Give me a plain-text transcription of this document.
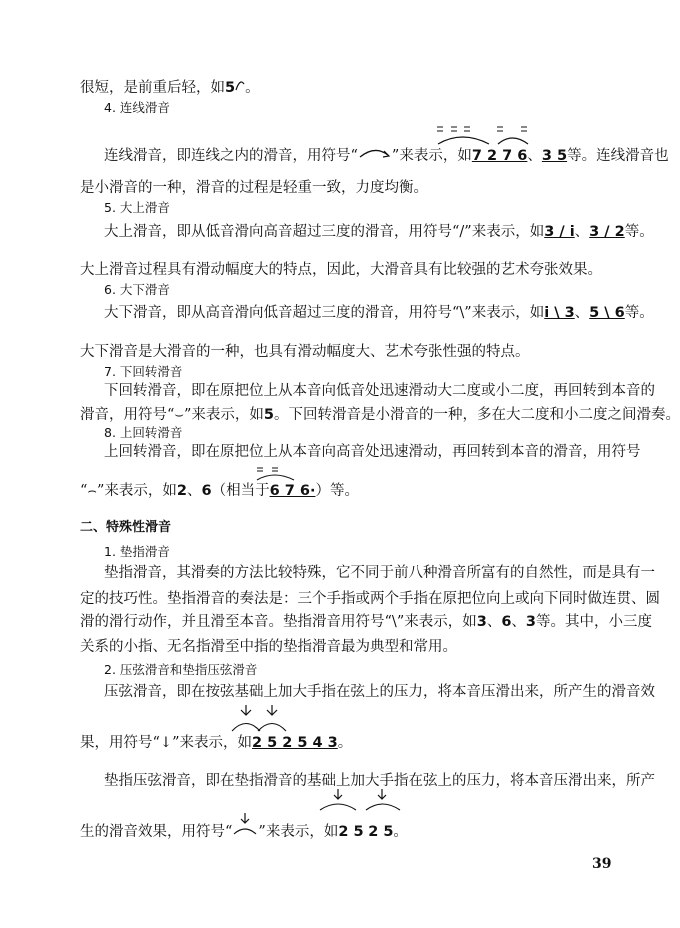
很短，是前重后轻，如5 。
4. 连线滑音
连线滑音，即连线之内的滑音，用符号“ ”来表示，如7 2 7 6、3 5等。连线滑音也
是小滑音的一种，滑音的过程是轻重一致，力度均衡。
5. 大上滑音
大上滑音，即从低音滑向高音超过三度的滑音，用符号“/”来表示，如3 / i、3 / 2等。
大上滑音过程具有滑动幅度大的特点，因此，大滑音具有比较强的艺术夸张效果。
6. 大下滑音
大下滑音，即从高音滑向低音超过三度的滑音，用符号“\”来表示，如i \ 3、5 \ 6等。
大下滑音是大滑音的一种，也具有滑动幅度大、艺术夸张性强的特点。
7. 下回转滑音
下回转滑音，即在原把位上从本音向低音处迅速滑动大二度或小二度，再回转到本音的
滑音，用符号“⌣”来表示，如5。下回转滑音是小滑音的一种，多在大二度和小二度之间滑奏。
8. 上回转滑音
上回转滑音，即在原把位上从本音向高音处迅速滑动，再回转到本音的滑音，用符号
“⌢”来表示，如2、6（相当于6 7 6·）等。
二、特殊性滑音
1. 垫指滑音
垫指滑音，其滑奏的方法比较特殊，它不同于前八种滑音所富有的自然性，而是具有一
定的技巧性。垫指滑音的奏法是：三个手指或两个手指在原把位向上或向下同时做连贯、圆
滑的滑行动作，并且滑至本音。垫指滑音用符号“\”来表示，如3、6、3等。其中，小三度
关系的小指、无名指滑至中指的垫指滑音最为典型和常用。
2. 压弦滑音和垫指压弦滑音
压弦滑音，即在按弦基础上加大手指在弦上的压力，将本音压滑出来，所产生的滑音效
果，用符号“↓”来表示，如2 5 2 5 4 3。
垫指压弦滑音，即在垫指滑音的基础上加大手指在弦上的压力，将本音压滑出来，所产
生的滑音效果，用符号“ ”来表示，如2 5 2 5。
39
